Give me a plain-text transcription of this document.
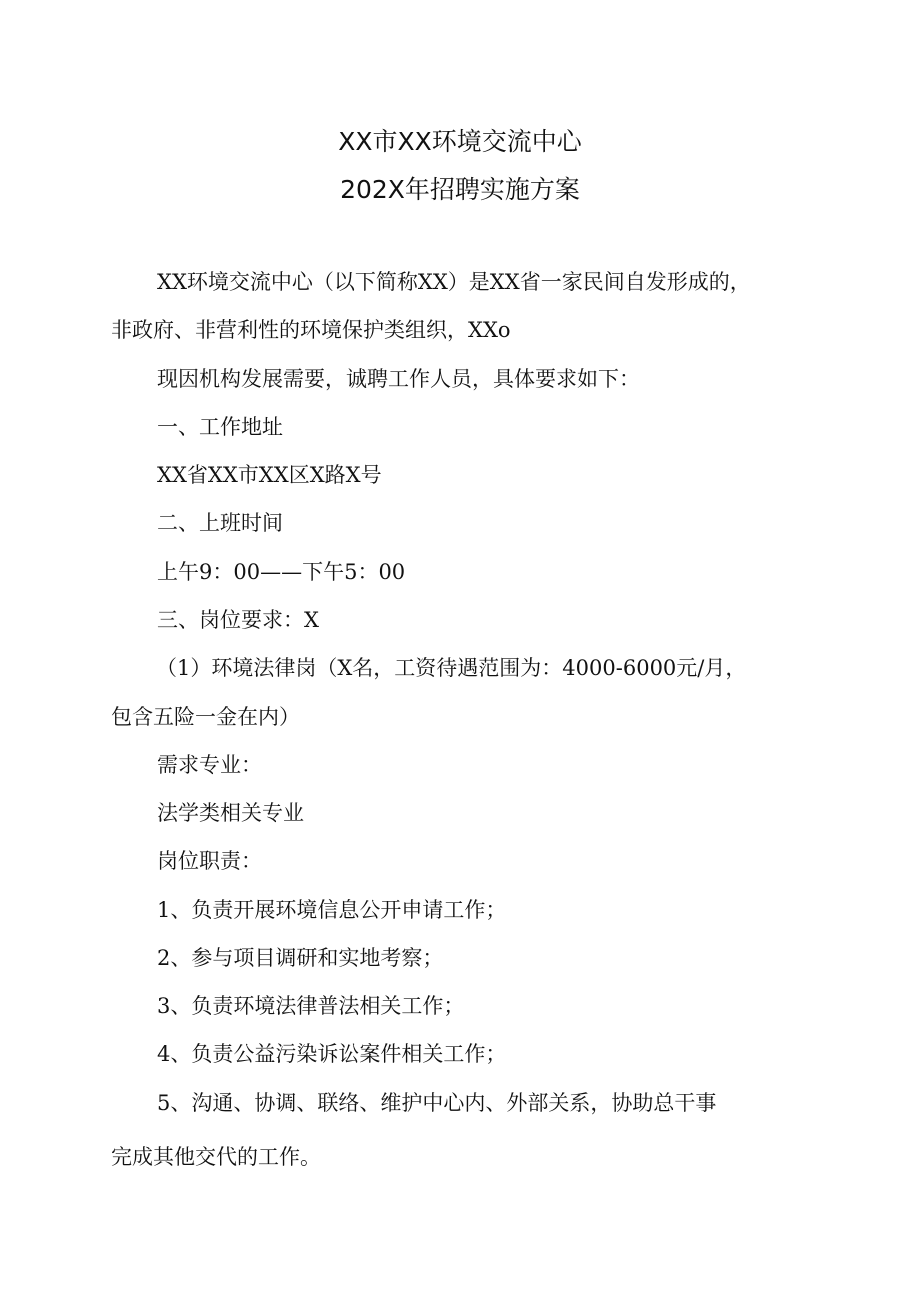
XX市XX环境交流中心
202X年招聘实施方案

XX环境交流中心（以下简称XX）是XX省一家民间自发形成的，

非政府、非营利性的环境保护类组织，XXo

现因机构发展需要，诚聘工作人员，具体要求如下：

一、工作地址

XX省XX市XX区X路X号

二、上班时间

上午9：00——下午5：00

三、岗位要求：X

（1）环境法律岗（X名，工资待遇范围为：4000-6000元/月，

包含五险一金在内）

需求专业：

法学类相关专业

岗位职责：

1、负责开展环境信息公开申请工作；

2、参与项目调研和实地考察；

3、负责环境法律普法相关工作；

4、负责公益污染诉讼案件相关工作；

5、沟通、协调、联络、维护中心内、外部关系，协助总干事

完成其他交代的工作。
